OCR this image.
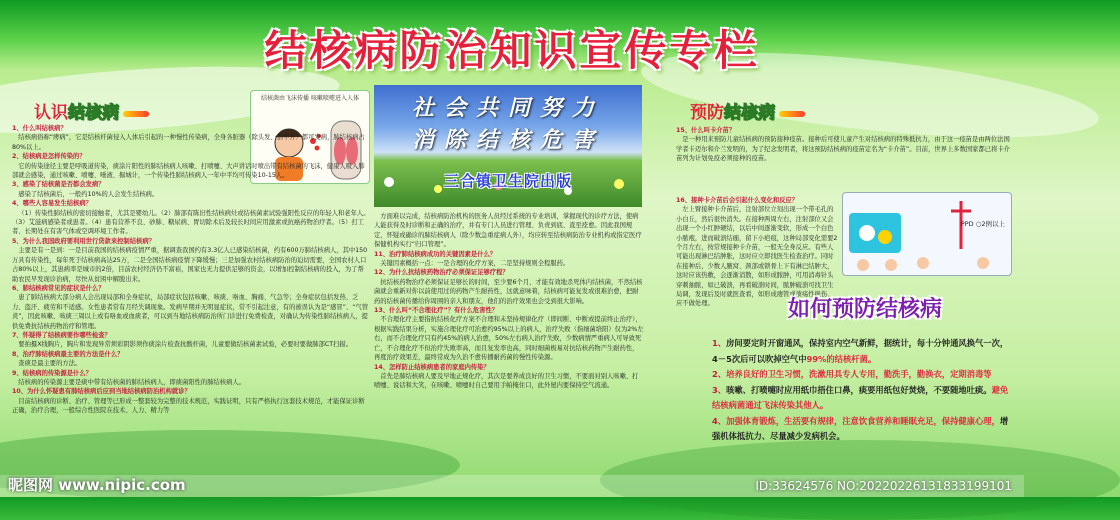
结核病防治知识宣传专栏
认识结核病
结核菌由飞沫传播 咳嗽喷嚏进入人体

1、什么叫结核病？

结核病俗称“痨病”，它是结核杆菌侵入人体后引起的一种慢性传染病，全身各脏器（除头发、指甲外）都可发病，肺结核病占80%以上。

2、结核病是怎样传染的？

它的传染途径主要是呼吸道传染，痰涂片阳性的肺结核病人咳嗽、打喷嚏、大声讲话时喷出带有结核菌的飞沫，健康人吸入肺部就会感染，通过咳嗽、喷嚏、唾液、掘城计，一个传染性肺结核病人一年中平均可传染10-15人。

3、感染了结核菌是否都会发病？

感染了结核菌后，一般约10%的人会发生结核病。

4、哪些人容易发生结核病？

（1）传染性肺结核的密切接触者，尤其是婴幼儿。（2）肺部有陈旧性结核病灶或结核菌素试验强阳性反应的年轻人和老年人。（3）艾滋病感染者或患者。（4）患有营养不良、砂肺、糖尿病、胃切除术后及较长时间应用激素或抗癌药物治疗者。（5）打工者、长期处在有害气体或空调环境工作者。

5、为什么我国政府要利用世行贷款来控制结核病？

主要是有一是到：一是目前我国的结核病疫情严重，据调查我国约有3.3亿人已感染结核菌，约有600万肺结核病人，其中150万具有传染性，每年死于结核病高达25万，二是全国结核病疫情下降缓慢；三是加强农村结核病防治的迫切需要，全国农村人口占80%以上，其患病率是城市的2倍，目前农村经济仍不富裕，国家也无力提供足够的资金，以增加控制结核病的投入，为了帮助农民早发现诊治病，尽快从贫困中解脱出来。

6、肺结核病常见的症状是什么？

患了肺结核病大部分病人会出现局部和全身症状，局部症状包括咳嗽、咳痰、咯血、胸痛、气急等；全身症状包括发热、乏力、盗汗、疲劳和不适感。女性患者常有月经失调现象。发病早期并无明显症状，常不引起注意，有的被误认为是“感冒”、“气管炎”，因此咳嗽、咳痰三周以上或有咯血或血痰者，可以到当地结核病防治所门诊进行免费检查，对确认为传染性肺结核病人，提供免费抗结核药物治疗和管理。

7、怀疑得了结核病要作哪些检查？

要拍摄X线胸片，胸片和发现异常须彩阴影须作痰涂片检查抗酸杆菌，儿童要做结核菌素试验，必要时要做肺部CT扫描。

8、治疗肺结核病最主要的方法是什么？

查痰是最主要的方法。

9、结核病的传染源是什么？

结核病的传染源主要是痰中带有结核菌的肺结核病人，即痰菌阳性的肺结核病人。

10、为什么怀疑患有肺结核病后应到当地结核病防治机构就诊？

目前结核病的诊断、治疗、管理等已形成一整套较为完整的技术规范，实践证明，只有严格执行这套技术规范，才能保证诊断正确，治疗合理，一般综合性医院在技术、人力、精力等

社会共同努力
消除结核危害
三合镇卫生院出版

方面难以完成，结核病防治机构的医务人员经过系统的专业培训，掌握现代的诊疗方法，使病人能获得及时诊断和正确的治疗，并有专门人员进行管理、负责到底、直至痊愈。因此我国规定，怀疑或确诊的肺结核病人（除少数急重症病人外），均应转至结核病防治专业机构或指定医疗保健机构实行“归口管理”。

11、治疗肺结核病成功的关键因素是什么？

关键因素概括一点：一是合理的化疗方案，二是坚持规则全程服药。

12、为什么抗结核药物治疗必须保证足够疗程？

抗结核药物治疗必须保证足够长的时间，至少要6个月，才能有效地杀死体内结核菌，不然结核菌就会重新对你以前使用过的药物产生耐药性，这就意味着，结核病可能复发或很难治愈，把耐药的结核菌传播给你周围的亲人和朋友，他们的治疗效果也会受到很大影响。

13、什么叫“不合理化疗”？有什么危害性？

不合理化疗主要指抗结核化疗方案不合理和未坚持规律化疗（即间断、中断或提前终止治疗），根据实践结果分析，实施合理化疗可治愈约95%以上的病人，治疗失败（指细菌培阳）仅为2%左右，而不合理化疗只有约45%的病人治愈，50%左右病人治疗失败，少数病情严重病人可导致死亡，不合理化疗不但治疗失败率高，而且复发率也高，同时细菌极易对抗结核药物产生耐药性，再度治疗效果差，最终常成为久治不愈传播耐药菌的慢性传染源。

14、怎样防止结核病患者的家庭内传染？

首先是肺结核病人要及早地正规化疗，其次是要养成良好的卫生习惯，不要面对别人咳嗽、打喷嚏、说话和大笑，在咳嗽、喷嚏时自己要用手帕掩住口，此外屋内要保持空气流通。

预防结核病

15、什么叫卡介苗？

是一种用来预防儿童结核病的预防接种疫苗。接种后可使儿童产生对结核病的特殊抵抗力，由于这一疫苗是由两位法国学者卡迈尔和介兰发明的，为了纪念发明者，将这预防结核病的疫苗定名为“卡介苗”。目前，世界上多数国家都已将卡介苗列为计划免疫必须接种的疫苗。

16、接种卡介苗后会引起什么变化和反应？

左上臂接种卡介苗后，注射部位立刻出现一个带毛孔的小白丘，然后很快消失。在接种两周左右，注射部位又会出现一个小红肿硬结，以后中间逐渐变软，形成一个白色小脓疱，进而破溃结痂，留下小疤痕，这种局部变化需要2个月左右，按常规接种卡介苗，一般无全身反应。有些人可能出现淋巴结肿胀，这时应立即找医生检查治疗。同时在接种后，少数人腋窝、颈部或锁骨上下有淋巴结肿大，这时应该热敷，会逐渐消散，如形成脓肿，可用消毒针头穿刺抽脓，如已破溃，再看破溃时间，脓肿破溃可找卫生局调，发现后及时就医查看，如形成瘘管或溃疡性损伤，应不做处理。

PPD ○2例以上
如何预防结核病

1、房间要定时开窗通风，保持室内空气新鲜，据统计，每十分钟通风换气一次，4－5次后可以吹掉空气中99%的结核杆菌。

2、培养良好的卫生习惯，洗漱用具专人专用，勤洗手，勤换衣，定期消毒等

3、咳嗽、打喷嚏时应用纸巾捂住口鼻，痰要用纸包好焚烧，不要随地吐痰。避免结核病菌通过飞沫传染其他人。

4、加强体育锻炼，生活要有规律，注意饮食营养和睡眠充足，保持健康心理，增强机体抵抗力、尽量减少发病机会。

昵图网 www.nipic.com	ID:33624576 NO:20220226131833199101
